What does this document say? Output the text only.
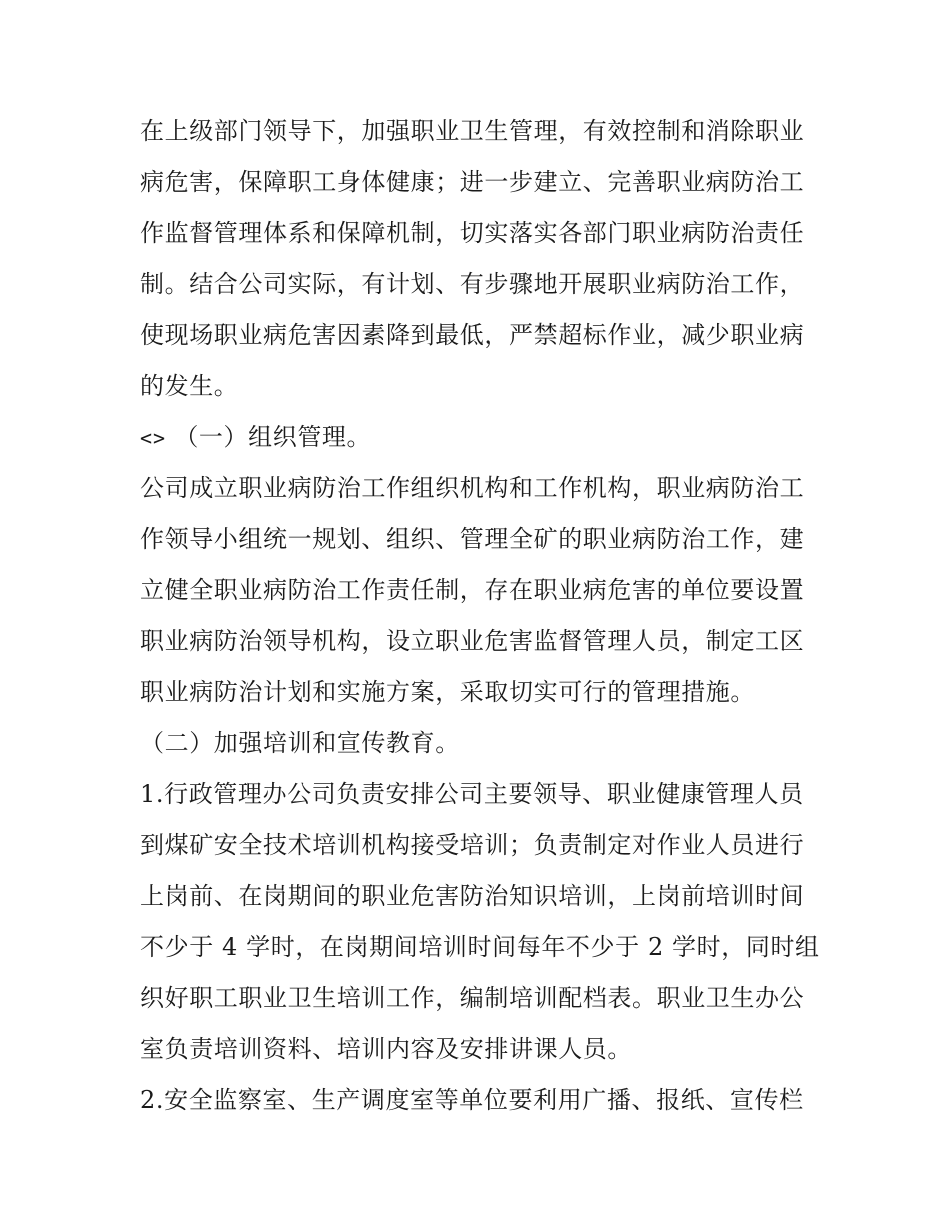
在上级部门领导下，加强职业卫生管理，有效控制和消除职业
病危害，保障职工身体健康；进一步建立、完善职业病防治工
作监督管理体系和保障机制，切实落实各部门职业病防治责任
制。结合公司实际，有计划、有步骤地开展职业病防治工作，
使现场职业病危害因素降到最低，严禁超标作业，减少职业病
的发生。
<> （一）组织管理。
公司成立职业病防治工作组织机构和工作机构，职业病防治工
作领导小组统一规划、组织、管理全矿的职业病防治工作，建
立健全职业病防治工作责任制，存在职业病危害的单位要设置
职业病防治领导机构，设立职业危害监督管理人员，制定工区
职业病防治计划和实施方案，采取切实可行的管理措施。
（二）加强培训和宣传教育。
1.行政管理办公司负责安排公司主要领导、职业健康管理人员
到煤矿安全技术培训机构接受培训；负责制定对作业人员进行
上岗前、在岗期间的职业危害防治知识培训，上岗前培训时间
不少于 4 学时，在岗期间培训时间每年不少于 2 学时，同时组
织好职工职业卫生培训工作，编制培训配档表。职业卫生办公
室负责培训资料、培训内容及安排讲课人员。
2.安全监察室、生产调度室等单位要利用广播、报纸、宣传栏
